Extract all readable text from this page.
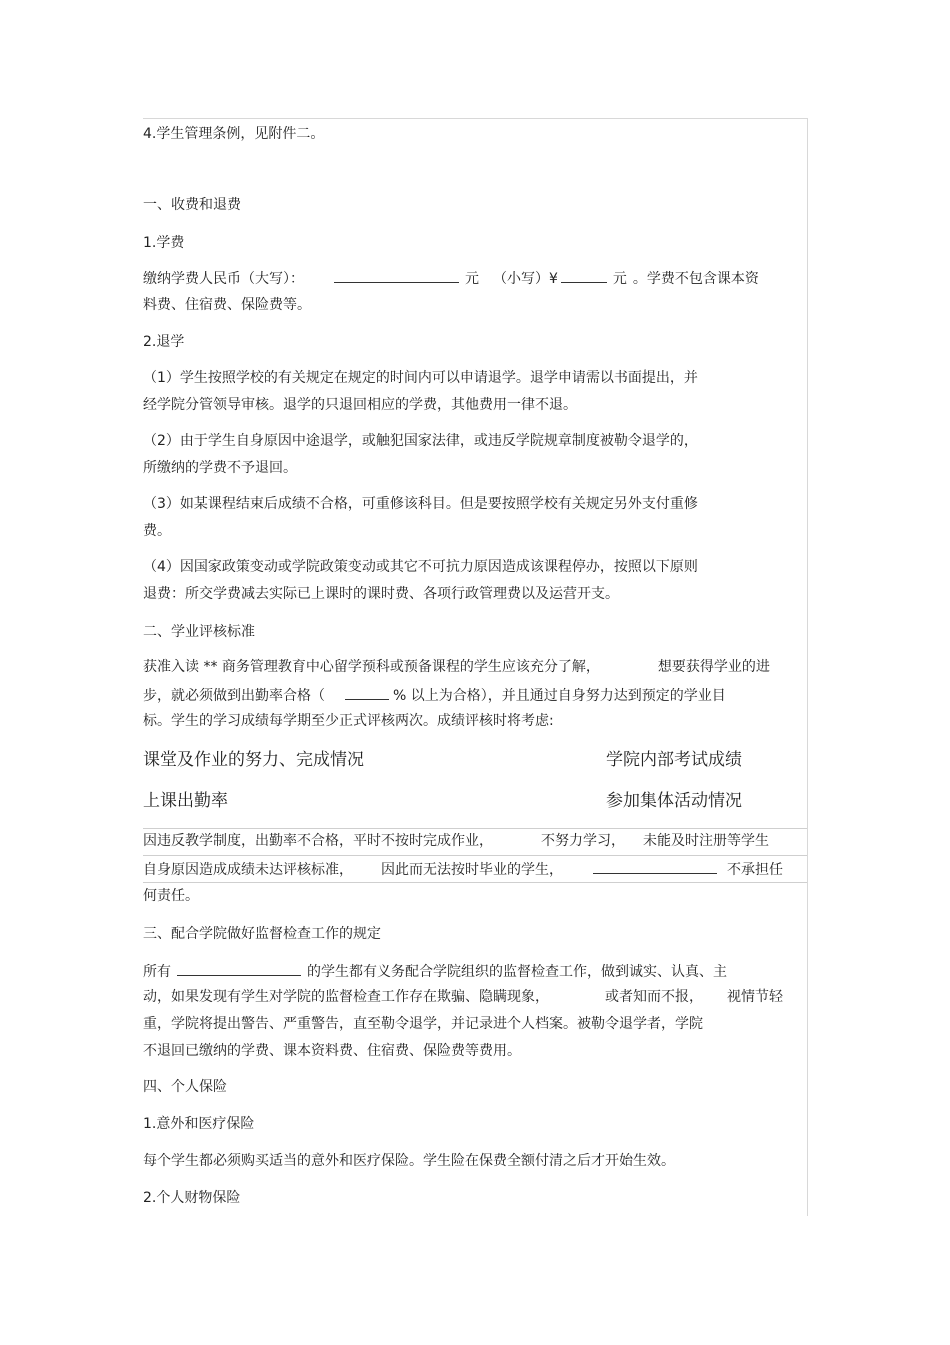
4.学生管理条例，见附件二。
一、收费和退费
1.学费
缴纳学费人民币（大写）：	元 （小写）¥	元 。学费不包含课本资
料费、住宿费、保险费等。
2.退学
（1）学生按照学校的有关规定在规定的时间内可以申请退学。退学申请需以书面提出，并
经学院分管领导审核。退学的只退回相应的学费，其他费用一律不退。
（2）由于学生自身原因中途退学，或触犯国家法律，或违反学院规章制度被勒令退学的，
所缴纳的学费不予退回。
（3）如某课程结束后成绩不合格，可重修该科目。但是要按照学校有关规定另外支付重修
费。
（4）因国家政策变动或学院政策变动或其它不可抗力原因造成该课程停办，按照以下原则
退费：所交学费减去实际已上课时的课时费、各项行政管理费以及运营开支。
二、学业评核标准
获准入读 ** 商务管理教育中心留学预科或预备课程的学生应该充分了解，	想要获得学业的进
步，就必须做到出勤率合格（	% 以上为合格），并且通过自身努力达到预定的学业目
标。学生的学习成绩每学期至少正式评核两次。成绩评核时将考虑:
课堂及作业的努力、完成情况	学院内部考试成绩
上课出勤率	参加集体活动情况
因违反教学制度，出勤率不合格，平时不按时完成作业，	不努力学习， 未能及时注册等学生
自身原因造成成绩未达评核标准， 因此而无法按时毕业的学生，	不承担任
何责任。
三、配合学院做好监督检查工作的规定
所有	的学生都有义务配合学院组织的监督检查工作，做到诚实、认真、主
动，如果发现有学生对学院的监督检查工作存在欺骗、隐瞒现象，	或者知而不报， 视情节轻
重，学院将提出警告、严重警告，直至勒令退学，并记录进个人档案。被勒令退学者，学院
不退回已缴纳的学费、课本资料费、住宿费、保险费等费用。
四、个人保险
1.意外和医疗保险
每个学生都必须购买适当的意外和医疗保险。学生险在保费全额付清之后才开始生效。
2.个人财物保险
